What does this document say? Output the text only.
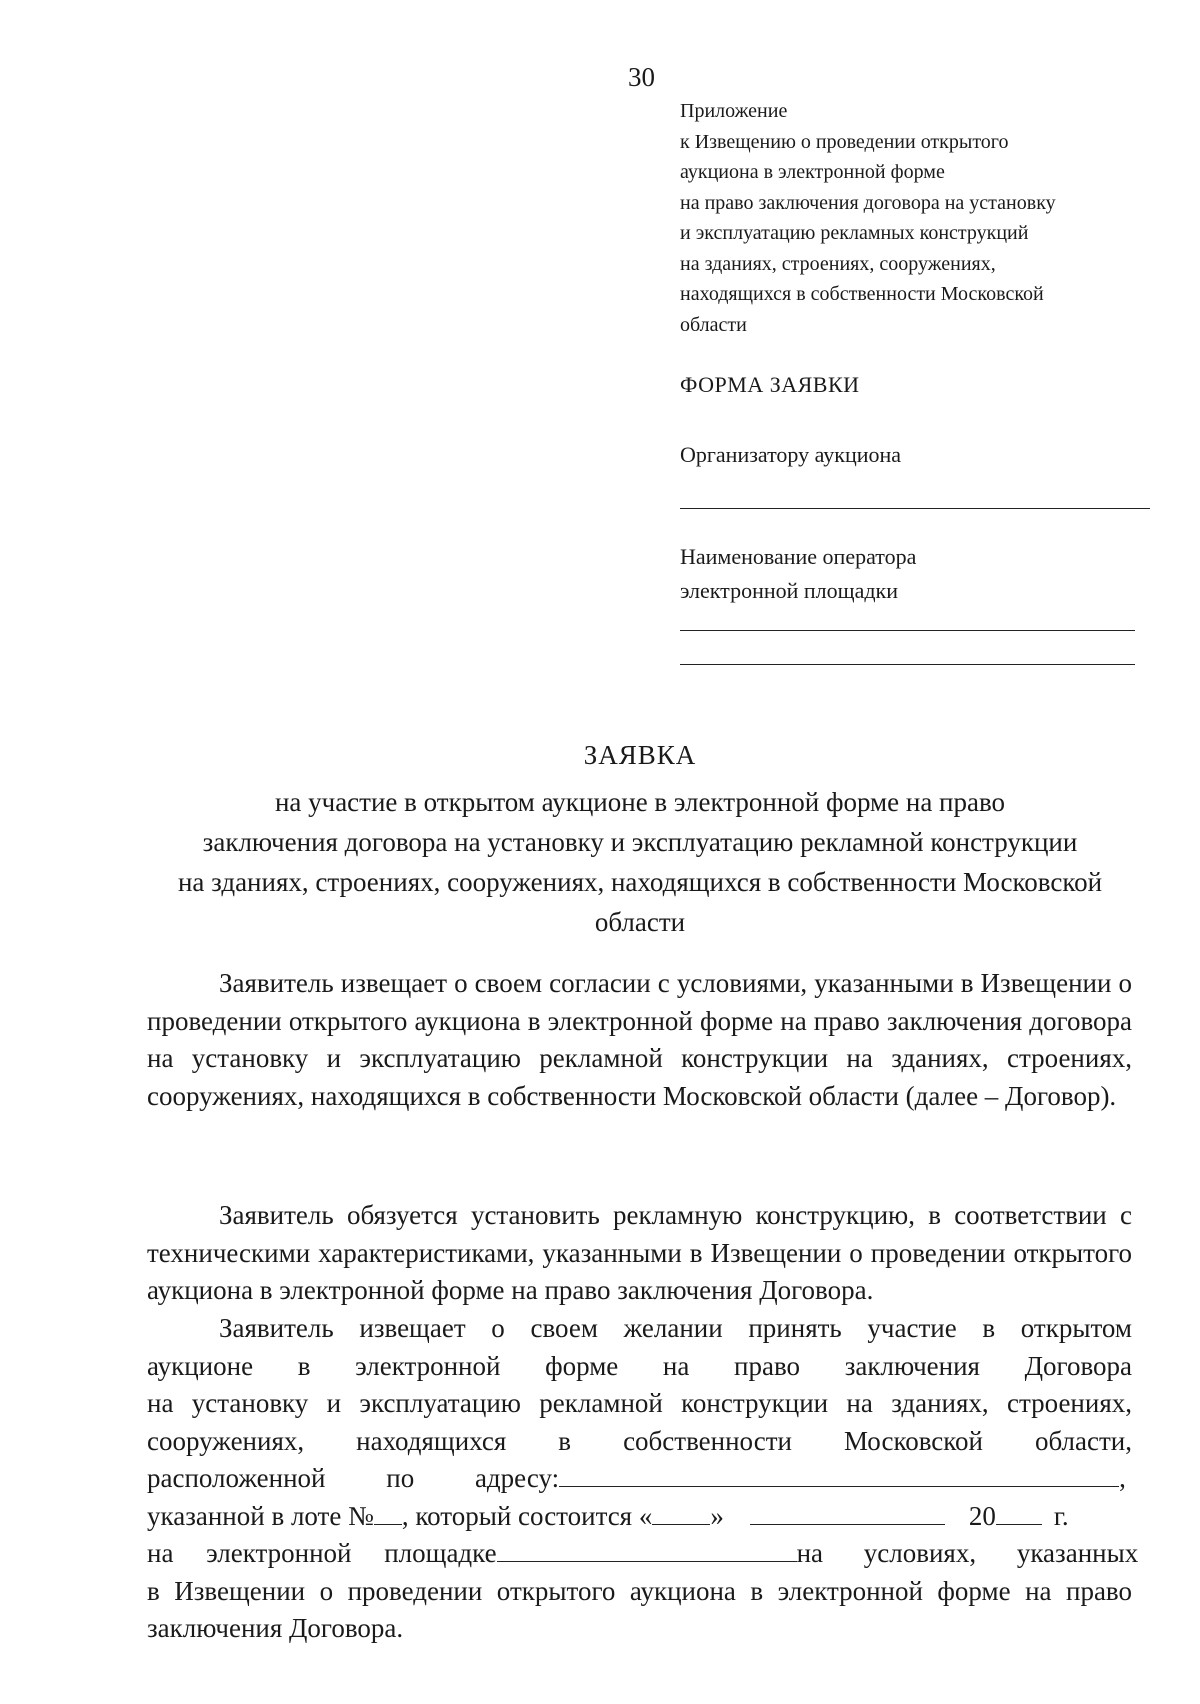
30
Приложение
к Извещению о проведении открытого
аукциона в электронной форме
на право заключения договора на установку
и эксплуатацию рекламных конструкций
на зданиях, строениях, сооружениях,
находящихся в собственности Московской
области
ФОРМА ЗАЯВКИ
Организатору аукциона
Наименование оператора
электронной площадки
ЗАЯВКА
на участие в открытом аукционе в электронной форме на право
заключения договора на установку и эксплуатацию рекламной конструкции
на зданиях, строениях, сооружениях, находящихся в собственности Московской
области
Заявитель извещает о своем согласии с условиями, указанными в Извещении о проведении открытого аукциона в электронной форме на право заключения договора на установку и эксплуатацию рекламной конструкции на зданиях, строениях, сооружениях, находящихся в собственности Московской области (далее – Договор).
Заявитель обязуется установить рекламную конструкцию, в соответствии с техническими характеристиками, указанными в Извещении о проведении открытого аукциона в электронной форме на право заключения Договора.
Заявитель извещает о своем желании принять участие в открытом
аукционе в электронной форме на право заключения Договора
на установку и эксплуатацию рекламной конструкции на зданиях, строениях,
сооружениях, находящихся в собственности Московской области,
расположенной по адресу:	,
указанной в лоте № , который состоится « »	20 г.
на электронной площадке	на условиях, указанных
в Извещении о проведении открытого аукциона в электронной форме на право
заключения Договора.
